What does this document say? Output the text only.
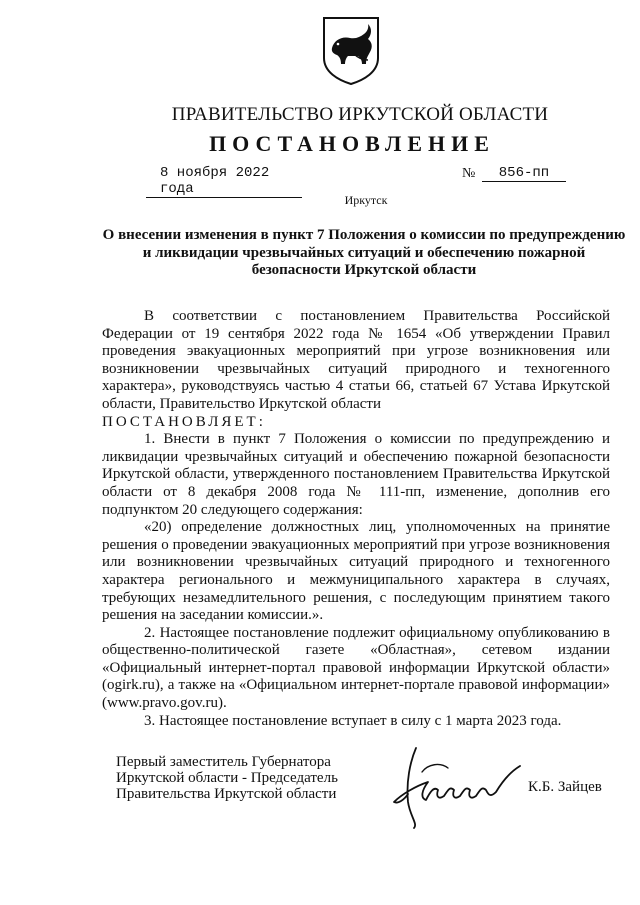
ПРАВИТЕЛЬСТВО ИРКУТСКОЙ ОБЛАСТИ
ПОСТАНОВЛЕНИЕ
8 ноября 2022 года
№	856-пп
Иркутск
О внесении изменения в пункт 7 Положения о комиссии по предупреждению и ликвидации чрезвычайных ситуаций и обеспечению пожарной безопасности Иркутской области

В соответствии с постановлением Правительства Российской Федерации от 19 сентября 2022 года № 1654 «Об утверждении Правил проведения эвакуационных мероприятий при угрозе возникновения или возникновении чрезвычайных ситуаций природного и техногенного характера», руководствуясь частью 4 статьи 66, статьей 67 Устава Иркутской области, Правительство Иркутской области

ПОСТАНОВЛЯЕТ:

1. Внести в пункт 7 Положения о комиссии по предупреждению и ликвидации чрезвычайных ситуаций и обеспечению пожарной безопасности Иркутской области, утвержденного постановлением Правительства Иркутской области от 8 декабря 2008 года № 111-пп, изменение, дополнив его подпунктом 20 следующего содержания:

«20) определение должностных лиц, уполномоченных на принятие решения о проведении эвакуационных мероприятий при угрозе возникновения или возникновении чрезвычайных ситуаций природного и техногенного характера регионального и межмуниципального характера в случаях, требующих незамедлительного решения, с последующим принятием такого решения на заседании комиссии.».

2. Настоящее постановление подлежит официальному опубликованию в общественно-политической газете «Областная», сетевом издании «Официальный интернет-портал правовой информации Иркутской области» (ogirk.ru), а также на «Официальном интернет-портале правовой информации» (www.pravo.gov.ru).

3. Настоящее постановление вступает в силу с 1 марта 2023 года.

Первый заместитель Губернатора
Иркутской области - Председатель
Правительства Иркутской области	К.Б. Зайцев
